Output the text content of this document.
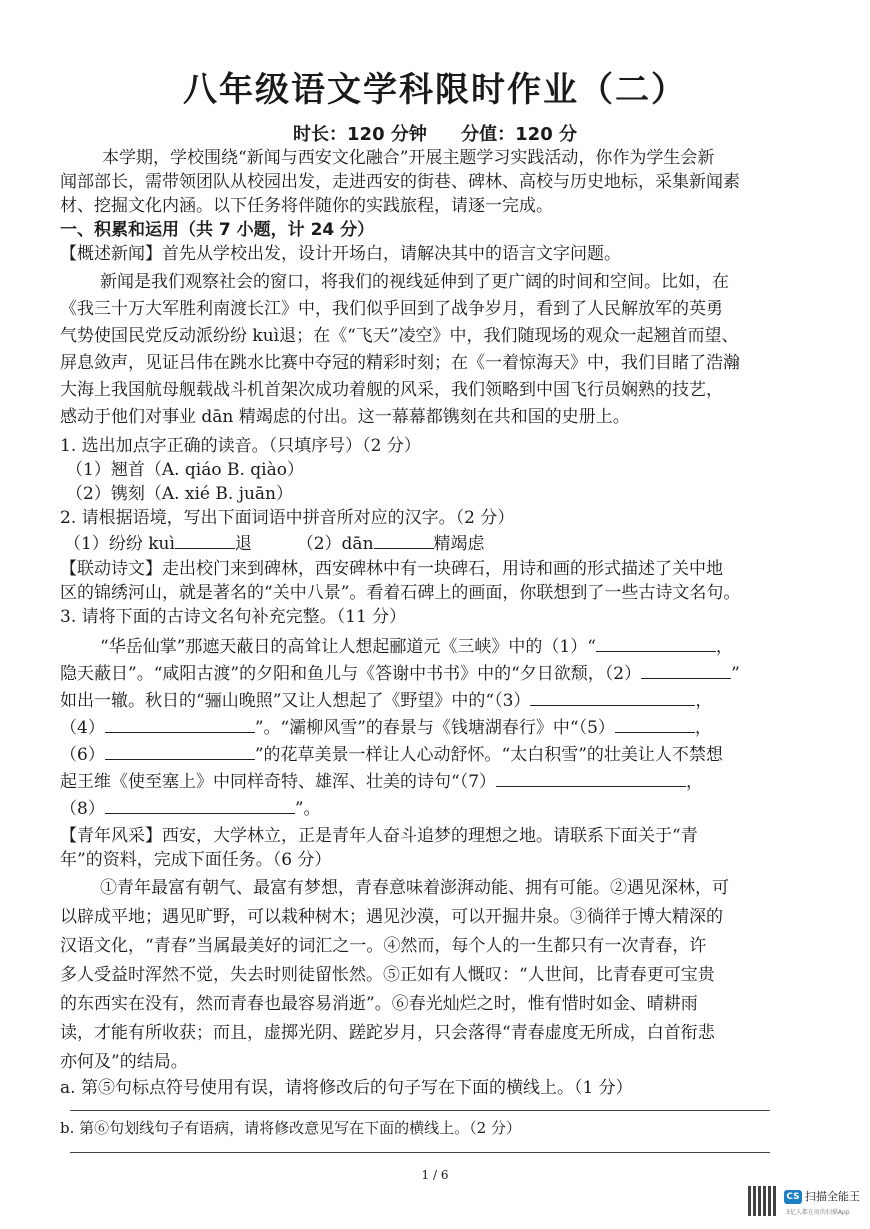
八年级语文学科限时作业（二）
时长：120 分钟 分值：120 分
本学期，学校围绕“新闻与西安文化融合”开展主题学习实践活动，你作为学生会新
闻部部长，需带领团队从校园出发，走进西安的街巷、碑林、高校与历史地标，采集新闻素
材、挖掘文化内涵。以下任务将伴随你的实践旅程，请逐一完成。
一、积累和运用（共 7 小题，计 24 分）
【概述新闻】首先从学校出发，设计开场白，请解决其中的语言文字问题。
新闻是我们观察社会的窗口，将我们的视线延伸到了更广阔的时间和空间。比如，在
《我三十万大军胜利南渡长江》中，我们似乎回到了战争岁月，看到了人民解放军的英勇
气势使国民党反动派纷纷 kuì退；在《“飞天”凌空》中，我们随现场的观众一起翘首而望、
屏息敛声，见证吕伟在跳水比赛中夺冠的精彩时刻；在《一着惊海天》中，我们目睹了浩瀚
大海上我国航母舰载战斗机首架次成功着舰的风采，我们领略到中国飞行员娴熟的技艺，
感动于他们对事业 dān 精竭虑的付出。这一幕幕都镌刻在共和国的史册上。
1. 选出加点字正确的读音。（只填序号）（2 分）
（1）翘首（A. qiáo B. qiào）
（2）镌刻（A. xié B. juān）
2. 请根据语境，写出下面词语中拼音所对应的汉字。（2 分）
（1）纷纷 kuì	退	（2）dān	精竭虑
【联动诗文】走出校门来到碑林，西安碑林中有一块碑石，用诗和画的形式描述了关中地
区的锦绣河山，就是著名的“关中八景”。看着石碑上的画面，你联想到了一些古诗文名句。
3. 请将下面的古诗文名句补充完整。（11 分）
“华岳仙掌”那遮天蔽日的高耸让人想起郦道元《三峡》中的（1）“	，
隐天蔽日”。“咸阳古渡”的夕阳和鱼儿与《答谢中书书》中的“夕日欲颓，（2）	”
如出一辙。秋日的“骊山晚照”又让人想起了《野望》中的“（3）	，
（4）	”。“灞柳风雪”的春景与《钱塘湖春行》中“（5）	，
（6）	”的花草美景一样让人心动舒怀。“太白积雪”的壮美让人不禁想
起王维《使至塞上》中同样奇特、雄浑、壮美的诗句“（7）	，
（8）	”。
【青年风采】西安，大学林立，正是青年人奋斗追梦的理想之地。请联系下面关于“青
年”的资料，完成下面任务。（6 分）
①青年最富有朝气、最富有梦想，青春意味着澎湃动能、拥有可能。②遇见深林，可
以辟成平地；遇见旷野，可以栽种树木；遇见沙漠，可以开掘井泉。③徜徉于博大精深的
汉语文化，“青春”当属最美好的词汇之一。④然而，每个人的一生都只有一次青春，许
多人受益时浑然不觉，失去时则徒留怅然。⑤正如有人慨叹：“人世间，比青春更可宝贵
的东西实在没有，然而青春也最容易消逝”。⑥春光灿烂之时，惟有惜时如金、晴耕雨
读，才能有所收获；而且，虚掷光阴、蹉跎岁月，只会落得“青春虚度无所成，白首衔悲
亦何及”的结局。
a. 第⑤句标点符号使用有误，请将修改后的句子写在下面的横线上。（1 分）
b. 第⑥句划线句子有语病，请将修改意见写在下面的横线上。（2 分）
1 / 6
CS 扫描全能王
3亿人都在用的扫描App
